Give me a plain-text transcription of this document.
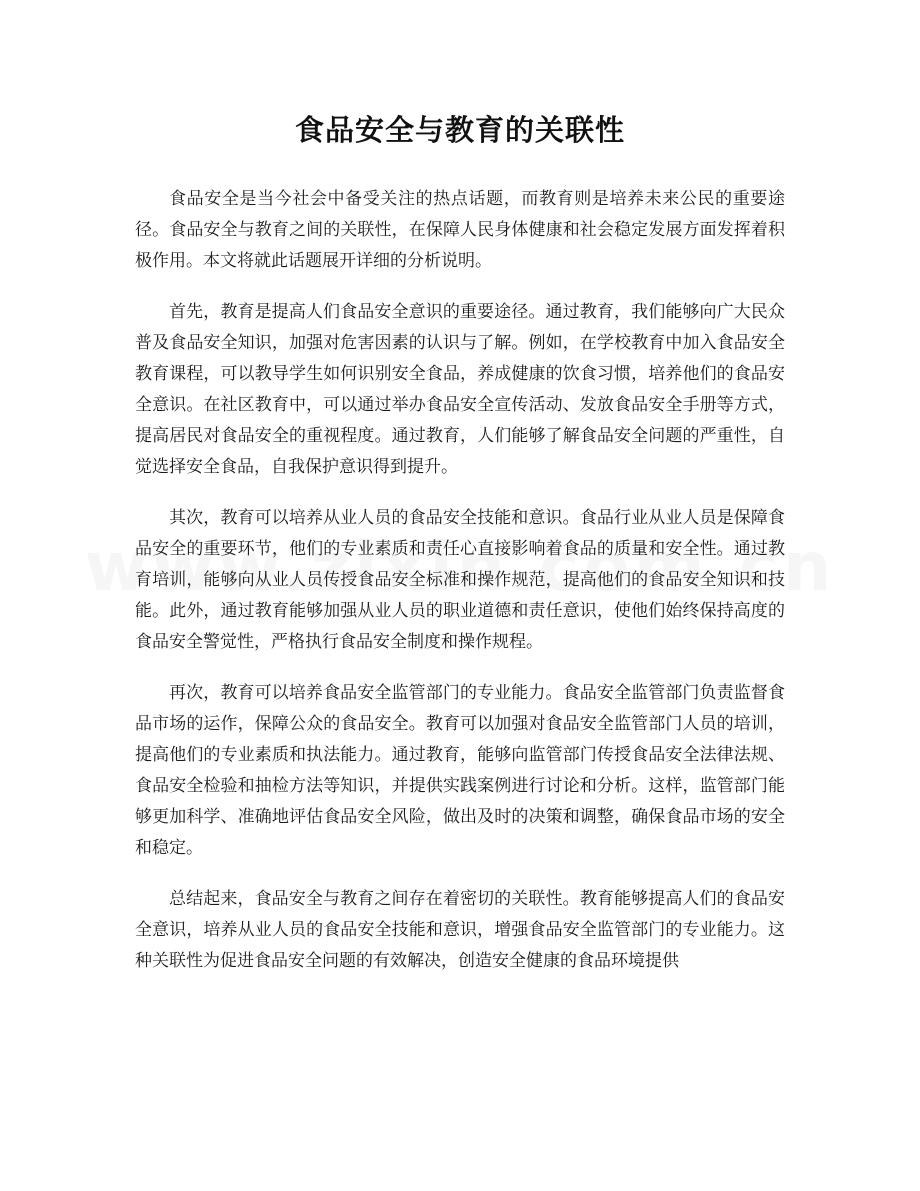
食品安全与教育的关联性

食品安全是当今社会中备受关注的热点话题，而教育则是培养未来公民的重要途径。食品安全与教育之间的关联性，在保障人民身体健康和社会稳定发展方面发挥着积极作用。本文将就此话题展开详细的分析说明。

首先，教育是提高人们食品安全意识的重要途径。通过教育，我们能够向广大民众普及食品安全知识，加强对危害因素的认识与了解。例如，在学校教育中加入食品安全教育课程，可以教导学生如何识别安全食品，养成健康的饮食习惯，培养他们的食品安全意识。在社区教育中，可以通过举办食品安全宣传活动、发放食品安全手册等方式，提高居民对食品安全的重视程度。通过教育，人们能够了解食品安全问题的严重性，自觉选择安全食品，自我保护意识得到提升。

其次，教育可以培养从业人员的食品安全技能和意识。食品行业从业人员是保障食品安全的重要环节，他们的专业素质和责任心直接影响着食品的质量和安全性。通过教育培训，能够向从业人员传授食品安全标准和操作规范，提高他们的食品安全知识和技能。此外，通过教育能够加强从业人员的职业道德和责任意识，使他们始终保持高度的食品安全警觉性，严格执行食品安全制度和操作规程。

再次，教育可以培养食品安全监管部门的专业能力。食品安全监管部门负责监督食品市场的运作，保障公众的食品安全。教育可以加强对食品安全监管部门人员的培训，提高他们的专业素质和执法能力。通过教育，能够向监管部门传授食品安全法律法规、食品安全检验和抽检方法等知识，并提供实践案例进行讨论和分析。这样，监管部门能够更加科学、准确地评估食品安全风险，做出及时的决策和调整，确保食品市场的安全和稳定。

总结起来，食品安全与教育之间存在着密切的关联性。教育能够提高人们的食品安全意识，培养从业人员的食品安全技能和意识，增强食品安全监管部门的专业能力。这种关联性为促进食品安全问题的有效解决，创造安全健康的食品环境提供
